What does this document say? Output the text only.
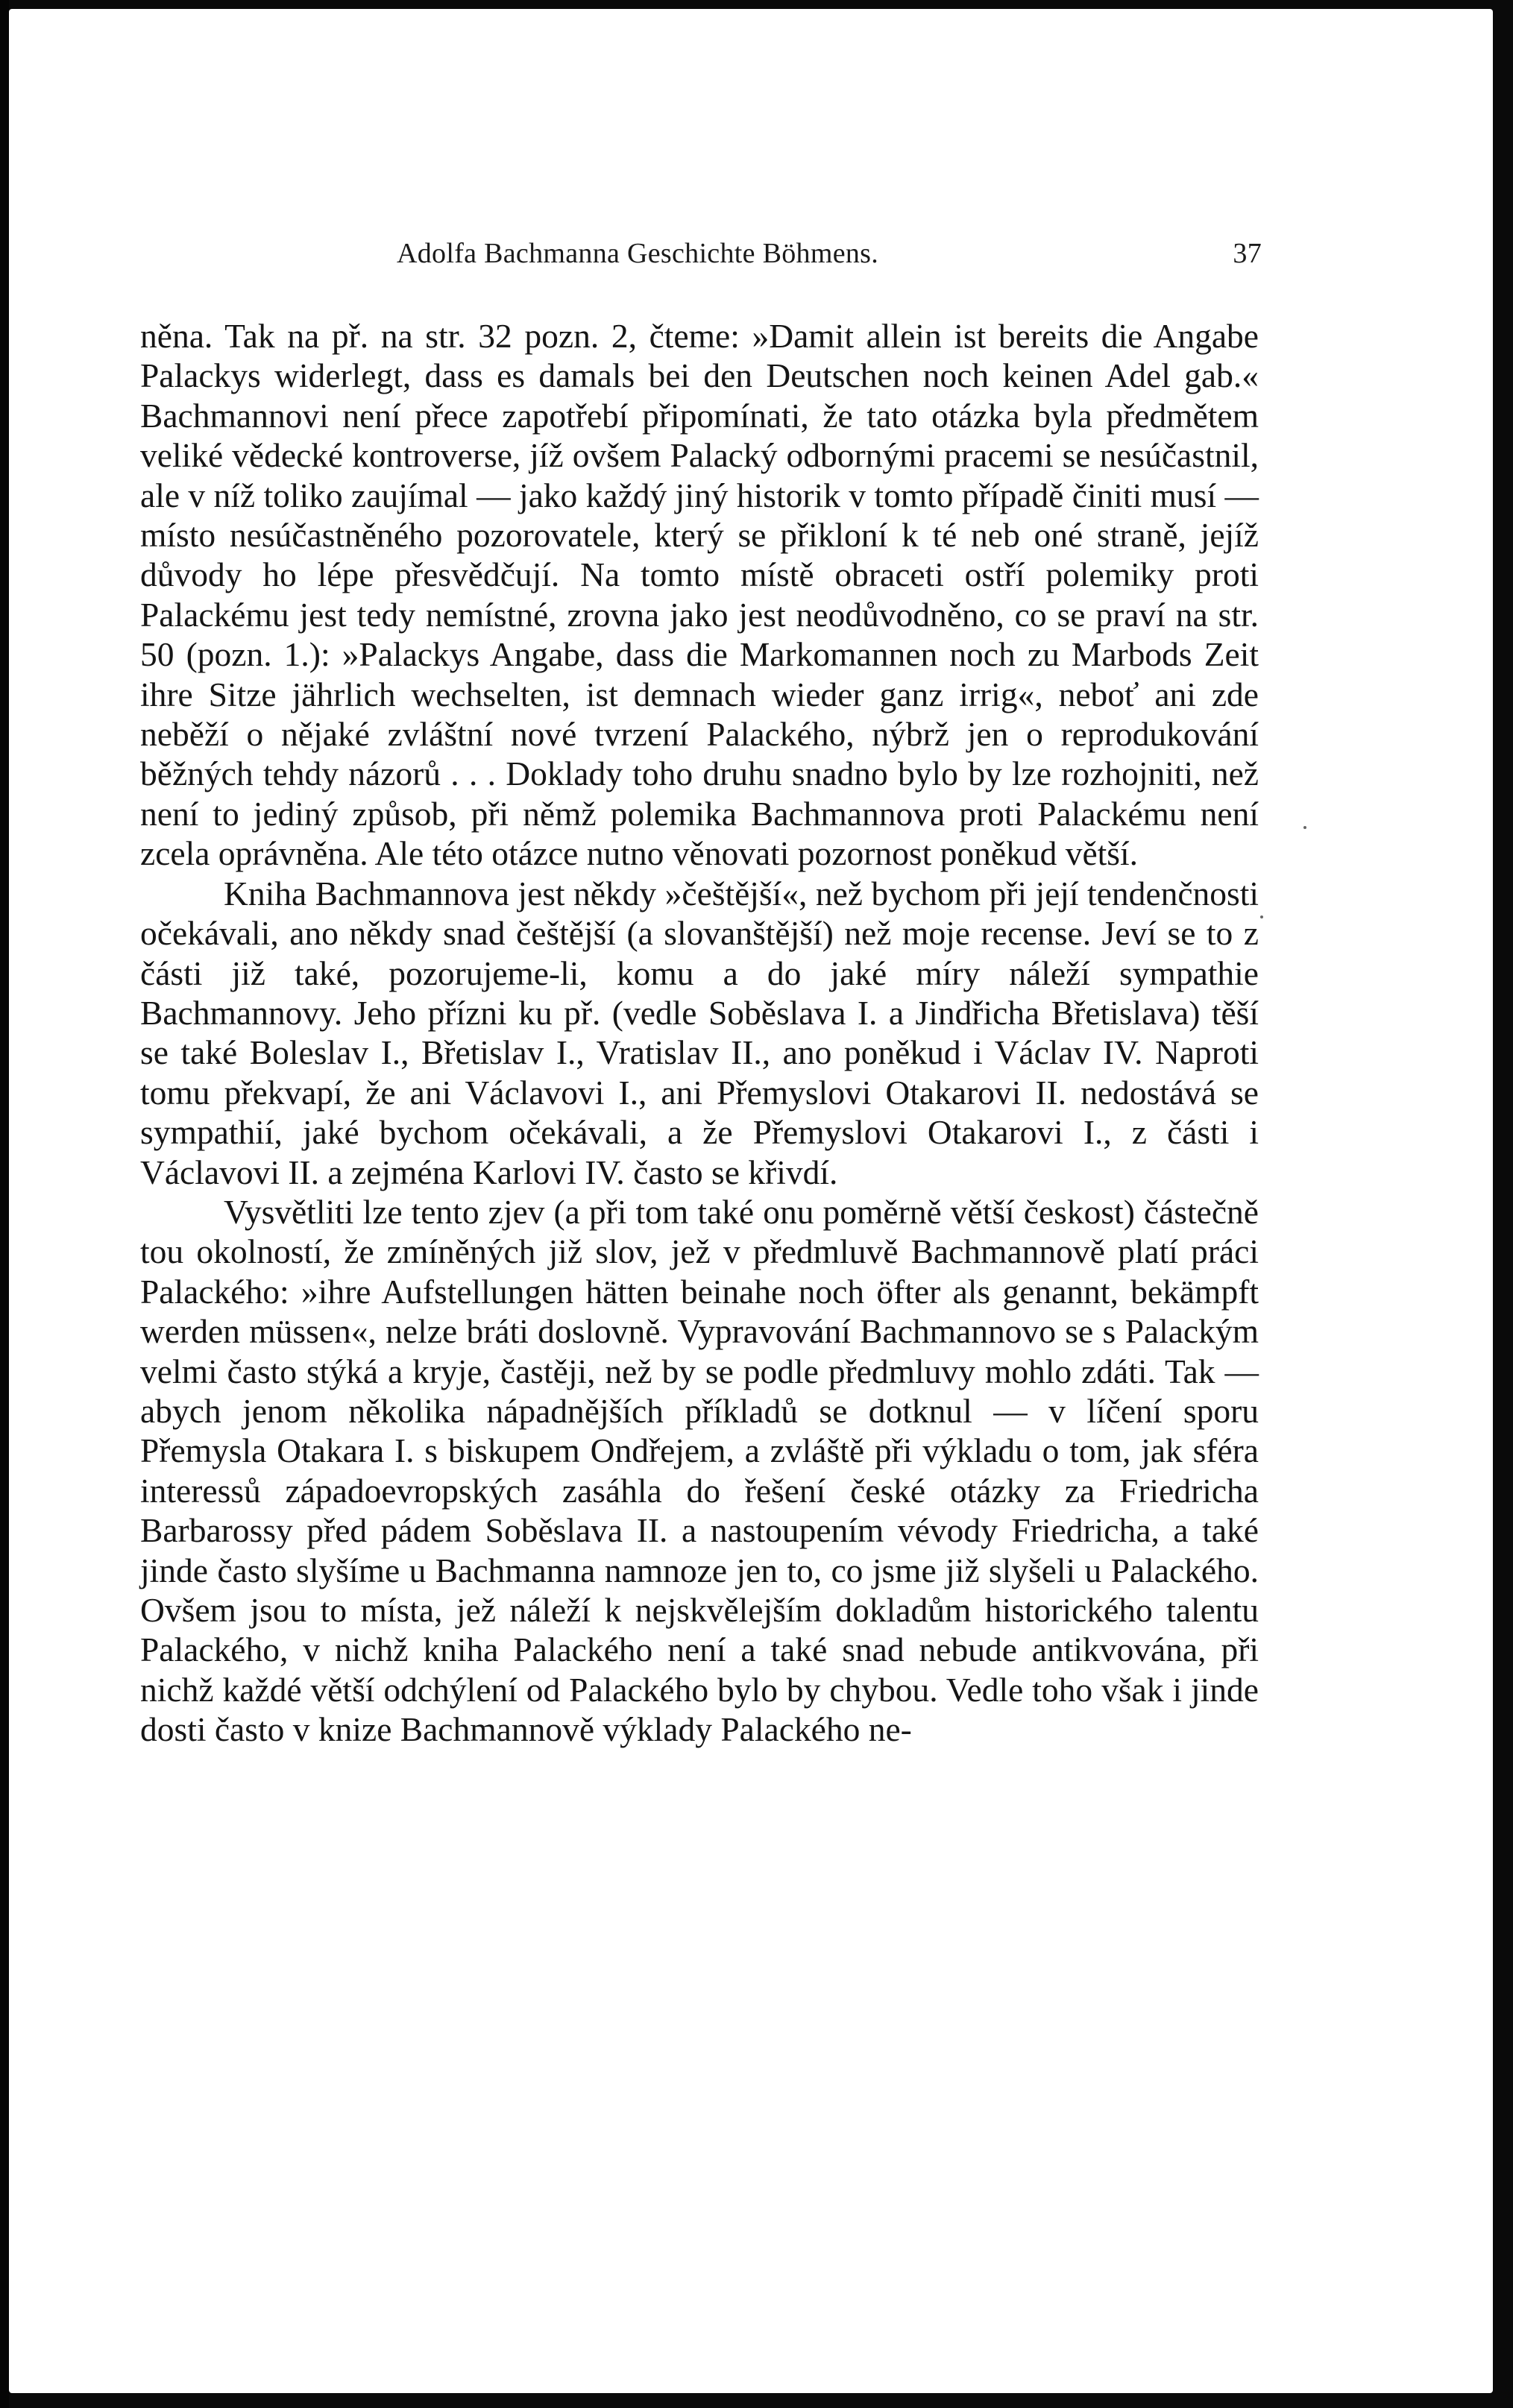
Adolfa Bachmanna Geschichte Böhmens.	37

něna. Tak na př. na str. 32 pozn. 2, čteme: »Damit allein ist bereits die Angabe Palackys widerlegt, dass es damals bei den Deutschen noch keinen Adel gab.« Bachmannovi není přece zapotřebí připomínati, že tato otázka byla předmětem veliké vědecké kontroverse, jíž ovšem Palacký odbornými pracemi se nesúčastnil, ale v níž toliko zaujímal — jako každý jiný historik v tomto případě činiti musí — místo nesúčastněného pozorovatele, který se přikloní k té neb oné straně, jejíž důvody ho lépe přesvědčují. Na tomto místě obraceti ostří polemiky proti Palackému jest tedy nemístné, zrovna jako jest neodůvodněno, co se praví na str. 50 (pozn. 1.): »Palackys Angabe, dass die Markomannen noch zu Marbods Zeit ihre Sitze jährlich wechselten, ist demnach wieder ganz irrig«, neboť ani zde neběží o nějaké zvláštní nové tvrzení Palackého, nýbrž jen o reprodukování běžných tehdy názorů . . . Doklady toho druhu snadno bylo by lze rozhojniti, než není to jediný způsob, při němž polemika Bachmannova proti Palackému není zcela oprávněna. Ale této otázce nutno věnovati pozornost poněkud větší.

Kniha Bachmannova jest někdy »češtější«, než bychom při její tendenčnosti očekávali, ano někdy snad češtější (a slovanštější) než moje recense. Jeví se to z části již také, pozorujeme-li, komu a do jaké míry náleží sympathie Bachmannovy. Jeho přízni ku př. (vedle Soběslava I. a Jindřicha Břetislava) těší se také Boleslav I., Břetislav I., Vratislav II., ano poněkud i Václav IV. Naproti tomu překvapí, že ani Václavovi I., ani Přemyslovi Otakarovi II. nedostává se sympathií, jaké bychom očekávali, a že Přemyslovi Otakarovi I., z části i Václavovi II. a zejména Karlovi IV. často se křivdí.

Vysvětliti lze tento zjev (a při tom také onu poměrně větší českost) částečně tou okolností, že zmíněných již slov, jež v předmluvě Bachmannově platí práci Palackého: »ihre Aufstellungen hätten beinahe noch öfter als genannt, bekämpft werden müssen«, nelze bráti doslovně. Vypravování Bachmannovo se s Palackým velmi často stýká a kryje, častěji, než by se podle předmluvy mohlo zdáti. Tak — abych jenom několika nápadnějších příkladů se dotknul — v líčení sporu Přemysla Otakara I. s biskupem Ondřejem, a zvláště při výkladu o tom, jak sféra interessů západoevropských zasáhla do řešení české otázky za Friedricha Barbarossy před pádem Soběslava II. a nastoupením vévody Friedricha, a také jinde často slyšíme u Bachmanna namnoze jen to, co jsme již slyšeli u Palackého. Ovšem jsou to místa, jež náleží k nejskvělejším dokladům historického talentu Palackého, v nichž kniha Palackého není a také snad nebude antikvována, při nichž každé větší odchýlení od Palackého bylo by chybou. Vedle toho však i jinde dosti často v knize Bachmannově výklady Palackého ne-
